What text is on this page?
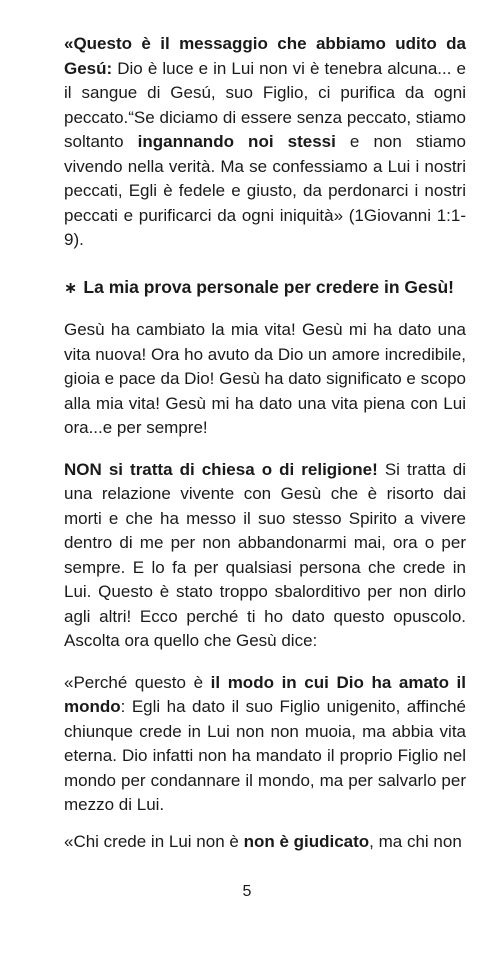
«Questo è il messaggio che abbiamo udito da Gesú: Dio è luce e in Lui non vi è tenebra alcuna... e il sangue di Gesú, suo Figlio, ci purifica da ogni peccato.“Se diciamo di essere senza peccato, stiamo soltanto ingannando noi stessi e non stiamo vivendo nella verità. Ma se confessiamo a Lui i nostri peccati, Egli è fedele e giusto, da perdonarci i nostri peccati e purificarci da ogni iniquità» (1Giovanni 1:1-9).

∗ La mia prova personale per credere in Gesù!

Gesù ha cambiato la mia vita! Gesù mi ha dato una vita nuova! Ora ho avuto da Dio un amore incredibile, gioia e pace da Dio! Gesù ha dato significato e scopo alla mia vita! Gesù mi ha dato una vita piena con Lui ora...e per sempre!

NON si tratta di chiesa o di religione! Si tratta di una relazione vivente con Gesù che è risorto dai morti e che ha messo il suo stesso Spirito a vivere dentro di me per non abbandonarmi mai, ora o per sempre. E lo fa per qualsiasi persona che crede in Lui. Questo è stato troppo sbalorditivo per non dirlo agli altri! Ecco perché ti ho dato questo opuscolo. Ascolta ora quello che Gesù dice:

«Perché questo è il modo in cui Dio ha amato il mondo: Egli ha dato il suo Figlio unigenito, affinché chiunque crede in Lui non non muoia, ma abbia vita eterna. Dio infatti non ha mandato il proprio Figlio nel mondo per condannare il mondo, ma per salvarlo per mezzo di Lui.

«Chi crede in Lui non è non è giudicato, ma chi non

5
